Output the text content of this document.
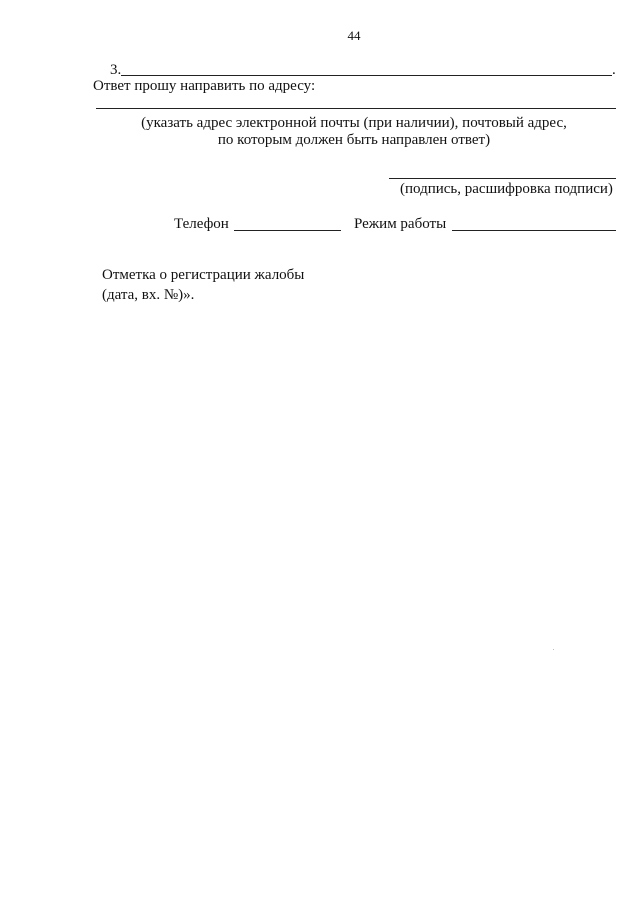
44
3.	.
Ответ прошу направить по адресу:
(указать адрес электронной почты (при наличии), почтовый адрес,
по которым должен быть направлен ответ)
(подпись, расшифровка подписи)
Телефон	Режим работы
Отметка о регистрации жалобы
(дата, вх. №)».
